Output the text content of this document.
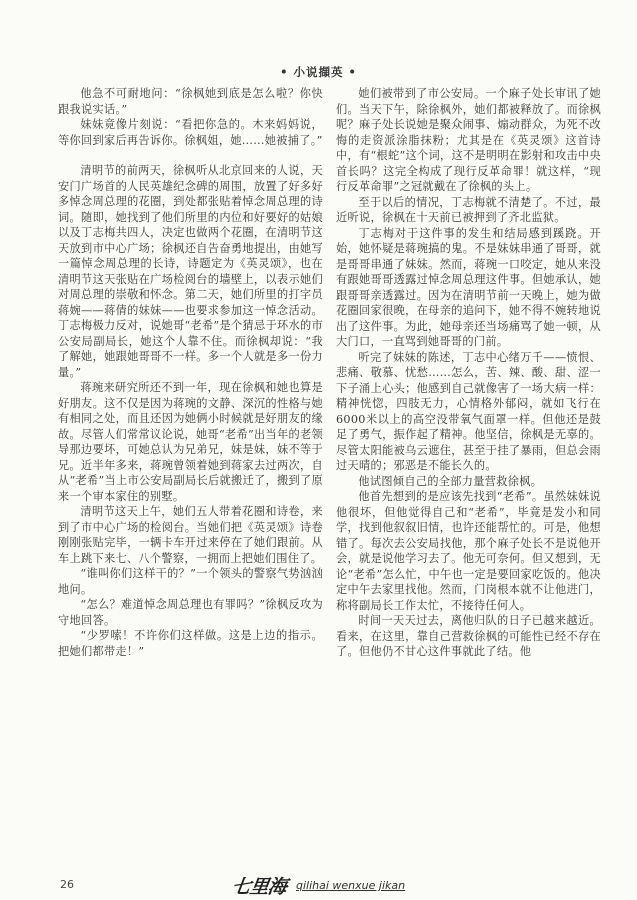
• 小说擷英 •

他急不可耐地问：“徐枫她到底是怎么啦？你快跟我说实话。”

妹妹竟像片刻说：“看把你急的。木来妈妈说，等你回到家后再告诉你。徐枫姐，她……她被捕了。”

清明节的前两天，徐枫听从北京回来的人说，天安门广场首的人民英雄纪念碑的周围，放置了好多好多悼念周总理的花圈，到处都张贴着悼念周总理的诗词。随即，她找到了他们所里的内位和好要好的姑娘以及丁志梅共四人，决定也做两个花圈，在清明节这天放到市中心广场；徐枫还自告奋勇地提出，由她写一篇悼念周总理的长诗，诗题定为《英灵颂》，也在清明节这天张贴在广场检阅台的墙壁上，以表示她们对周总理的崇敬和怀念。第二天，她们所里的打字员蒋婉——蒋倩的妹妹——也要求参加这一悼念活动。丁志梅极力反对，说她哥“老希”是个猜忌于环水的市公安局副局长，她这个人靠不住。而徐枫却说：“我了解她，她跟她哥哥不一样。多一个人就是多一份力量。”

蒋琬来研究所还不到一年，现在徐枫和她也算是好朋友。这不仅是因为蒋琬的文静、深沉的性格与她有相同之处，而且还因为她俩小时候就是好朋友的缘故。尽管人们常常议论说，她哥“老希”出当年的老领导那边要坏，可她总认为兄弟兄，妹是妹，妹不等于兄。近半年多来，蒋琬曾领着她到蒋家去过两次，自从“老希”当上市公安局副局长后就搬迁了，搬到了原来一个审本家住的别墅。

清明节这天上午，她们五人带着花圈和诗卷，来到了市中心广场的检阅台。当她们把《英灵颂》诗卷刚刚张贴完毕，一辆卡车开过来停在了她们跟前。从车上跳下来七、八个警察，一拥而上把她们围住了。

“谁叫你们这样干的？”一个领头的警察气势汹汹地问。

“怎么？难道悼念周总理也有罪吗？”徐枫反攻为守地回答。

“少罗嗦！不许你们这样做。这是上边的指示。把她们都带走！”

她们被带到了市公安局。一个麻子处长审讯了她们。当天下午，除徐枫外，她们都被释放了。而徐枫呢？麻子处长说她是聚众闹事、煽动群众，为死不改悔的走资派涂脂抹粉；尤其是在《英灵颂》这首诗中，有“根蛇”这个词，这不是明明在影射和攻击中央首长吗？这完全构成了现行反革命罪！就这样，“现行反革命罪”之冠就戴在了徐枫的头上。

至于以后的情况，丁志梅就不清楚了。不过，最近听说，徐枫在十天前已被押到了齐北监狱。

丁志梅对于这件事的发生和结局感到蹊跷。开始，她怀疑是蒋琬搞的鬼。不是妹妹串通了哥哥，就是哥哥串通了妹妹。然而，蒋琬一口咬定，她从来没有跟她哥哥透露过悼念周总理这件事。但她承认，她跟哥哥亲透露过。因为在清明节前一天晚上，她为做花圈回家很晚，在母亲的追问下，她不得不婉转地说出了这件事。为此，她母亲还当场痛骂了她一顿，从大门口，一直骂到她哥哥的门前。

听完了妹妹的陈述，丁志中心绪万千——愤恨、悲痛、敬慕、忧愁……怎么，苦、辣、酸、甜、涩一下子涌上心头；他感到自己就像害了一场大病一样：精神恍惚，四肢无力，心情格外郁闷，就如飞行在6000米以上的高空没带氧气面罩一样。但他还是鼓足了勇气，振作起了精神。他坚信，徐枫是无辜的。尽管太阳能被乌云遮住，甚至于挂了暴雨，但总会雨过天晴的；邪恶是不能长久的。

他试图倾自己的全部力量营救徐枫。

他首先想到的是应该先找到“老希”。虽然妹妹说他很坏，但他觉得自己和“老希”，毕竟是发小和同学，找到他叙叙旧情，也许还能帮忙的。可是，他想错了。每次去公安局找他，那个麻子处长不是说他开会，就是说他学习去了。他无可奈何。但又想到，无论“老希”怎么忙，中午也一定是要回家吃饭的。他决定中午去家里找他。然而，门岗根本就不让他进门，称将副局长工作太忙，不接待任何人。

时间一天天过去，离他归队的日子已越来越近。看来，在这里，靠自己营救徐枫的可能性已经不存在了。但他仍不甘心这件事就此了结。他

26	七里海 qilihai wenxue jikan
